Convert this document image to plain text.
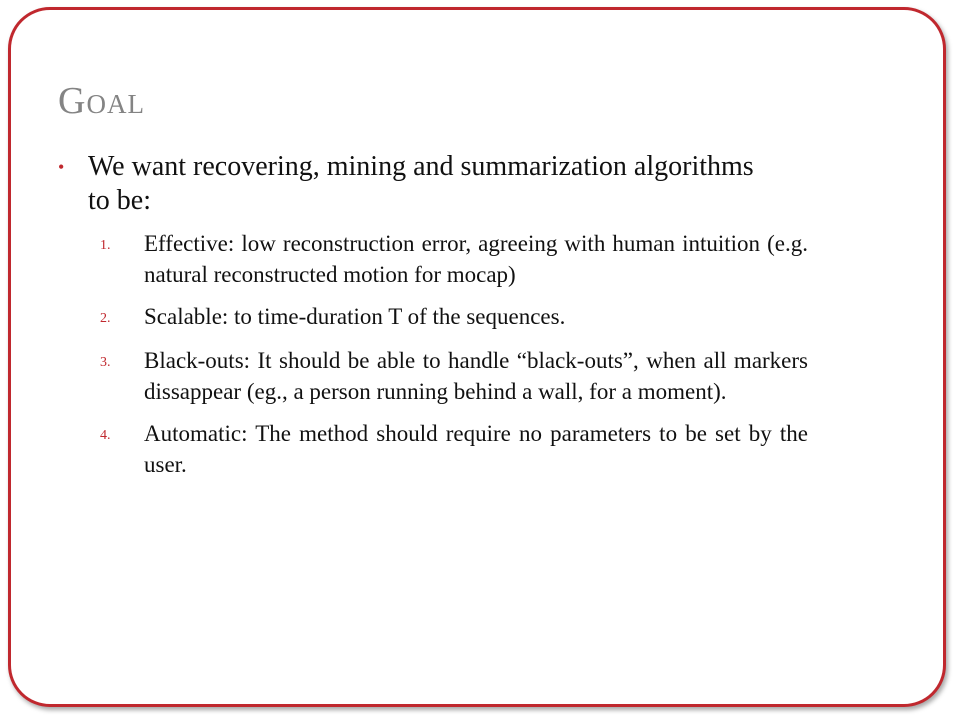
Goal
• We want recovering, mining and summarization algorithms to be:
1.	Effective: low reconstruction error, agreeing with human intuition (e.g. natural reconstructed motion for mocap)
2.	Scalable: to time-duration T of the sequences.
3.	Black-outs: It should be able to handle “black-outs”, when all markers dissappear (eg., a person running behind a wall, for a moment).
4.	Automatic: The method should require no parameters to be set by the user.
